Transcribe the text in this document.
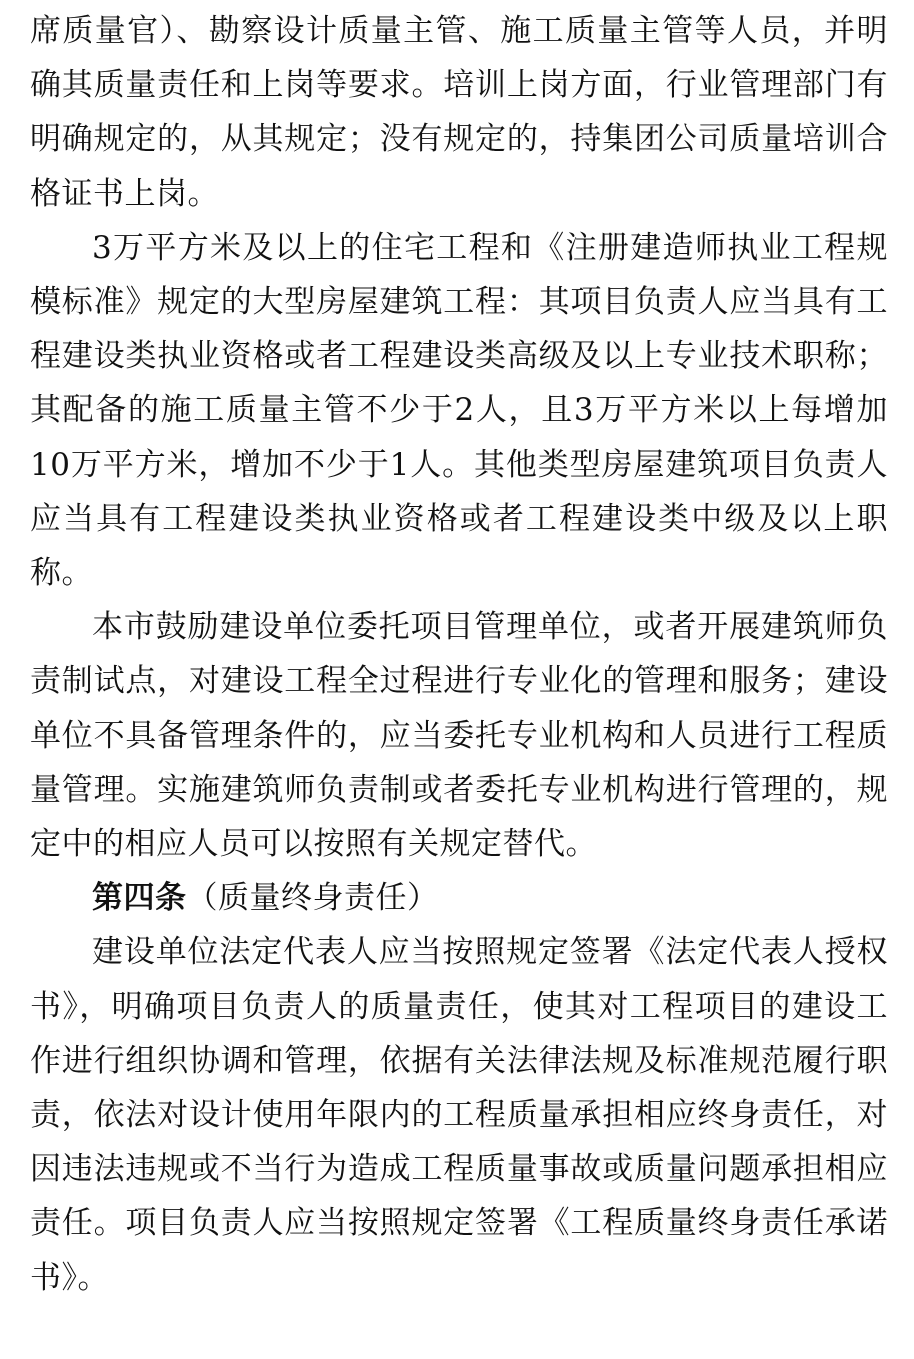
席质量官）、勘察设计质量主管、施工质量主管等人员，并明确其质量责任和上岗等要求。培训上岗方面，行业管理部门有明确规定的，从其规定；没有规定的，持集团公司质量培训合格证书上岗。

3万平方米及以上的住宅工程和《注册建造师执业工程规模标准》规定的大型房屋建筑工程：其项目负责人应当具有工程建设类执业资格或者工程建设类高级及以上专业技术职称；其配备的施工质量主管不少于2人，且3万平方米以上每增加10万平方米，增加不少于1人。其他类型房屋建筑项目负责人应当具有工程建设类执业资格或者工程建设类中级及以上职称。

本市鼓励建设单位委托项目管理单位，或者开展建筑师负责制试点，对建设工程全过程进行专业化的管理和服务；建设单位不具备管理条件的，应当委托专业机构和人员进行工程质量管理。实施建筑师负责制或者委托专业机构进行管理的，规定中的相应人员可以按照有关规定替代。

第四条（质量终身责任）

建设单位法定代表人应当按照规定签署《法定代表人授权书》，明确项目负责人的质量责任，使其对工程项目的建设工作进行组织协调和管理，依据有关法律法规及标准规范履行职责，依法对设计使用年限内的工程质量承担相应终身责任，对因违法违规或不当行为造成工程质量事故或质量问题承担相应责任。项目负责人应当按照规定签署《工程质量终身责任承诺书》。
